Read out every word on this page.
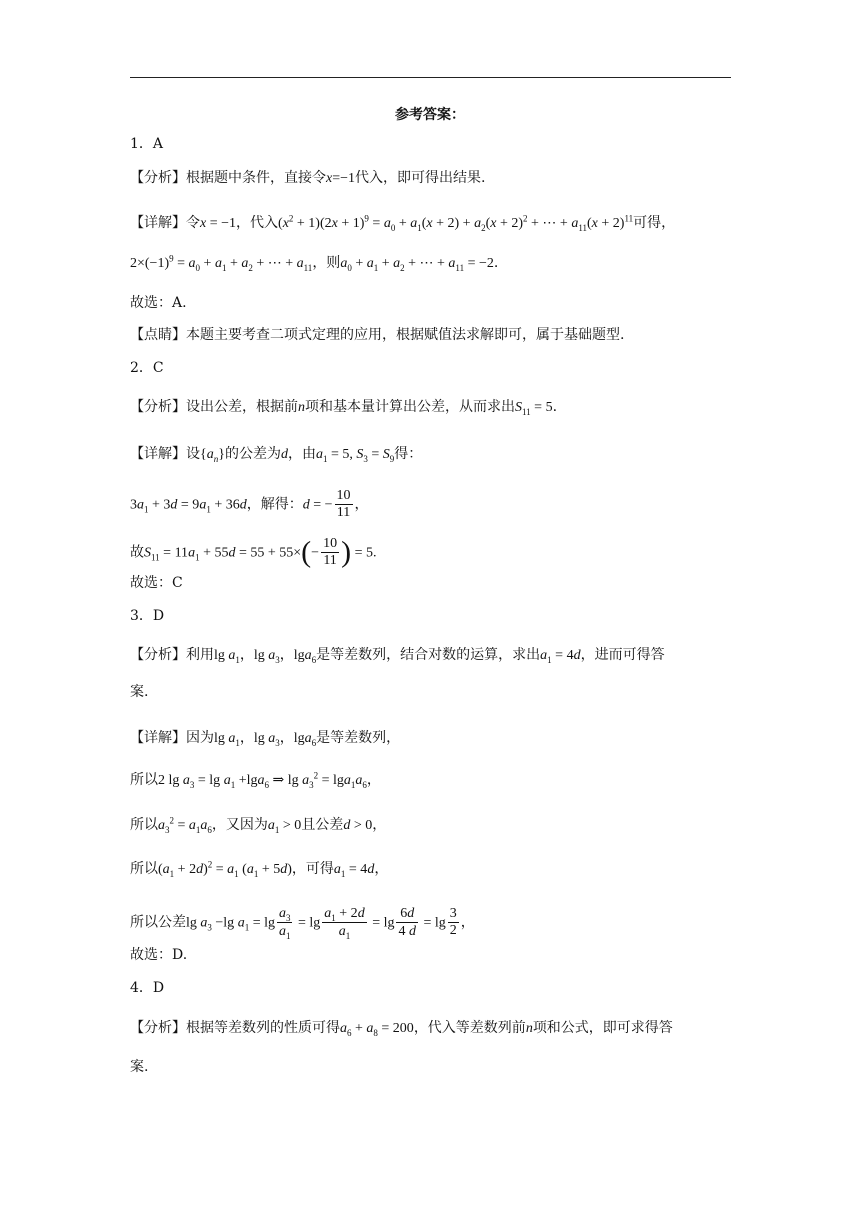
参考答案：
1．A
【分析】根据题中条件，直接令x=−1代入，即可得出结果.
【详解】令x = −1，代入$(x^2 + 1)(2x + 1)^9 = a_0 + a_1(x + 2) + a_2(x + 2)^2$ + ⋯ + $a_{11}(x + 2)^{11}$可得，
$2\times(-1)^9 = a_0 + a_1 + a_2$ + ⋯ + $a_{11}$，则$a_0 + a_1 + a_2$ + ⋯ + $a_{11} = -2$.
故选：A.
【点睛】本题主要考查二项式定理的应用，根据赋值法求解即可，属于基础题型.
2．C
【分析】设出公差，根据前n项和基本量计算出公差，从而求出$S_{11} = 5$.
【详解】设$\{a_n\}$的公差为d，由$a_1 = 5$, $S_3 = S_9$得：
$3a_1 + 3d = 9a_1 + 36d$，解得：d = − $\frac{10}{11}$ ，
故$S_{11} = 11a_1 + 55d = 55 + 55\times(- \frac{10}{11}$ ) = 5.
故选：C
3．D
【分析】利用$\lg a_1$，$\lg a_3$，lga$_6$是等差数列，结合对数的运算，求出$a_1 = 4d$，进而可得答
案.
【详解】因为$\lg a_1$，$\lg a_3$，lga$_6$是等差数列，
所以2 $\lg a_3 = \lg a_1 +\lg a_6$ ⇒ $\lg a_3^2 = \lg a_1a_6$，
所以$a_3^2 = a_1a_6$，又因为$a_1 > 0$且公差d > 0，
所以$(a_1 + 2d)^2 = a_1$ $(a_1 + 5d)$，可得$a_1 = 4d$，
所以公差$\lg a_3 -\lg$ $a_1 = \lg \frac{a_3}{a_1} = \lg \frac{a_1 + 2d}{a_1} = \lg \frac{6d}{4 d} = \lg \frac{3}{2}$ ，
故选：D.
4．D
【分析】根据等差数列的性质可得$a_6 + a_8 = 200$，代入等差数列前n项和公式，即可求得答
案.
